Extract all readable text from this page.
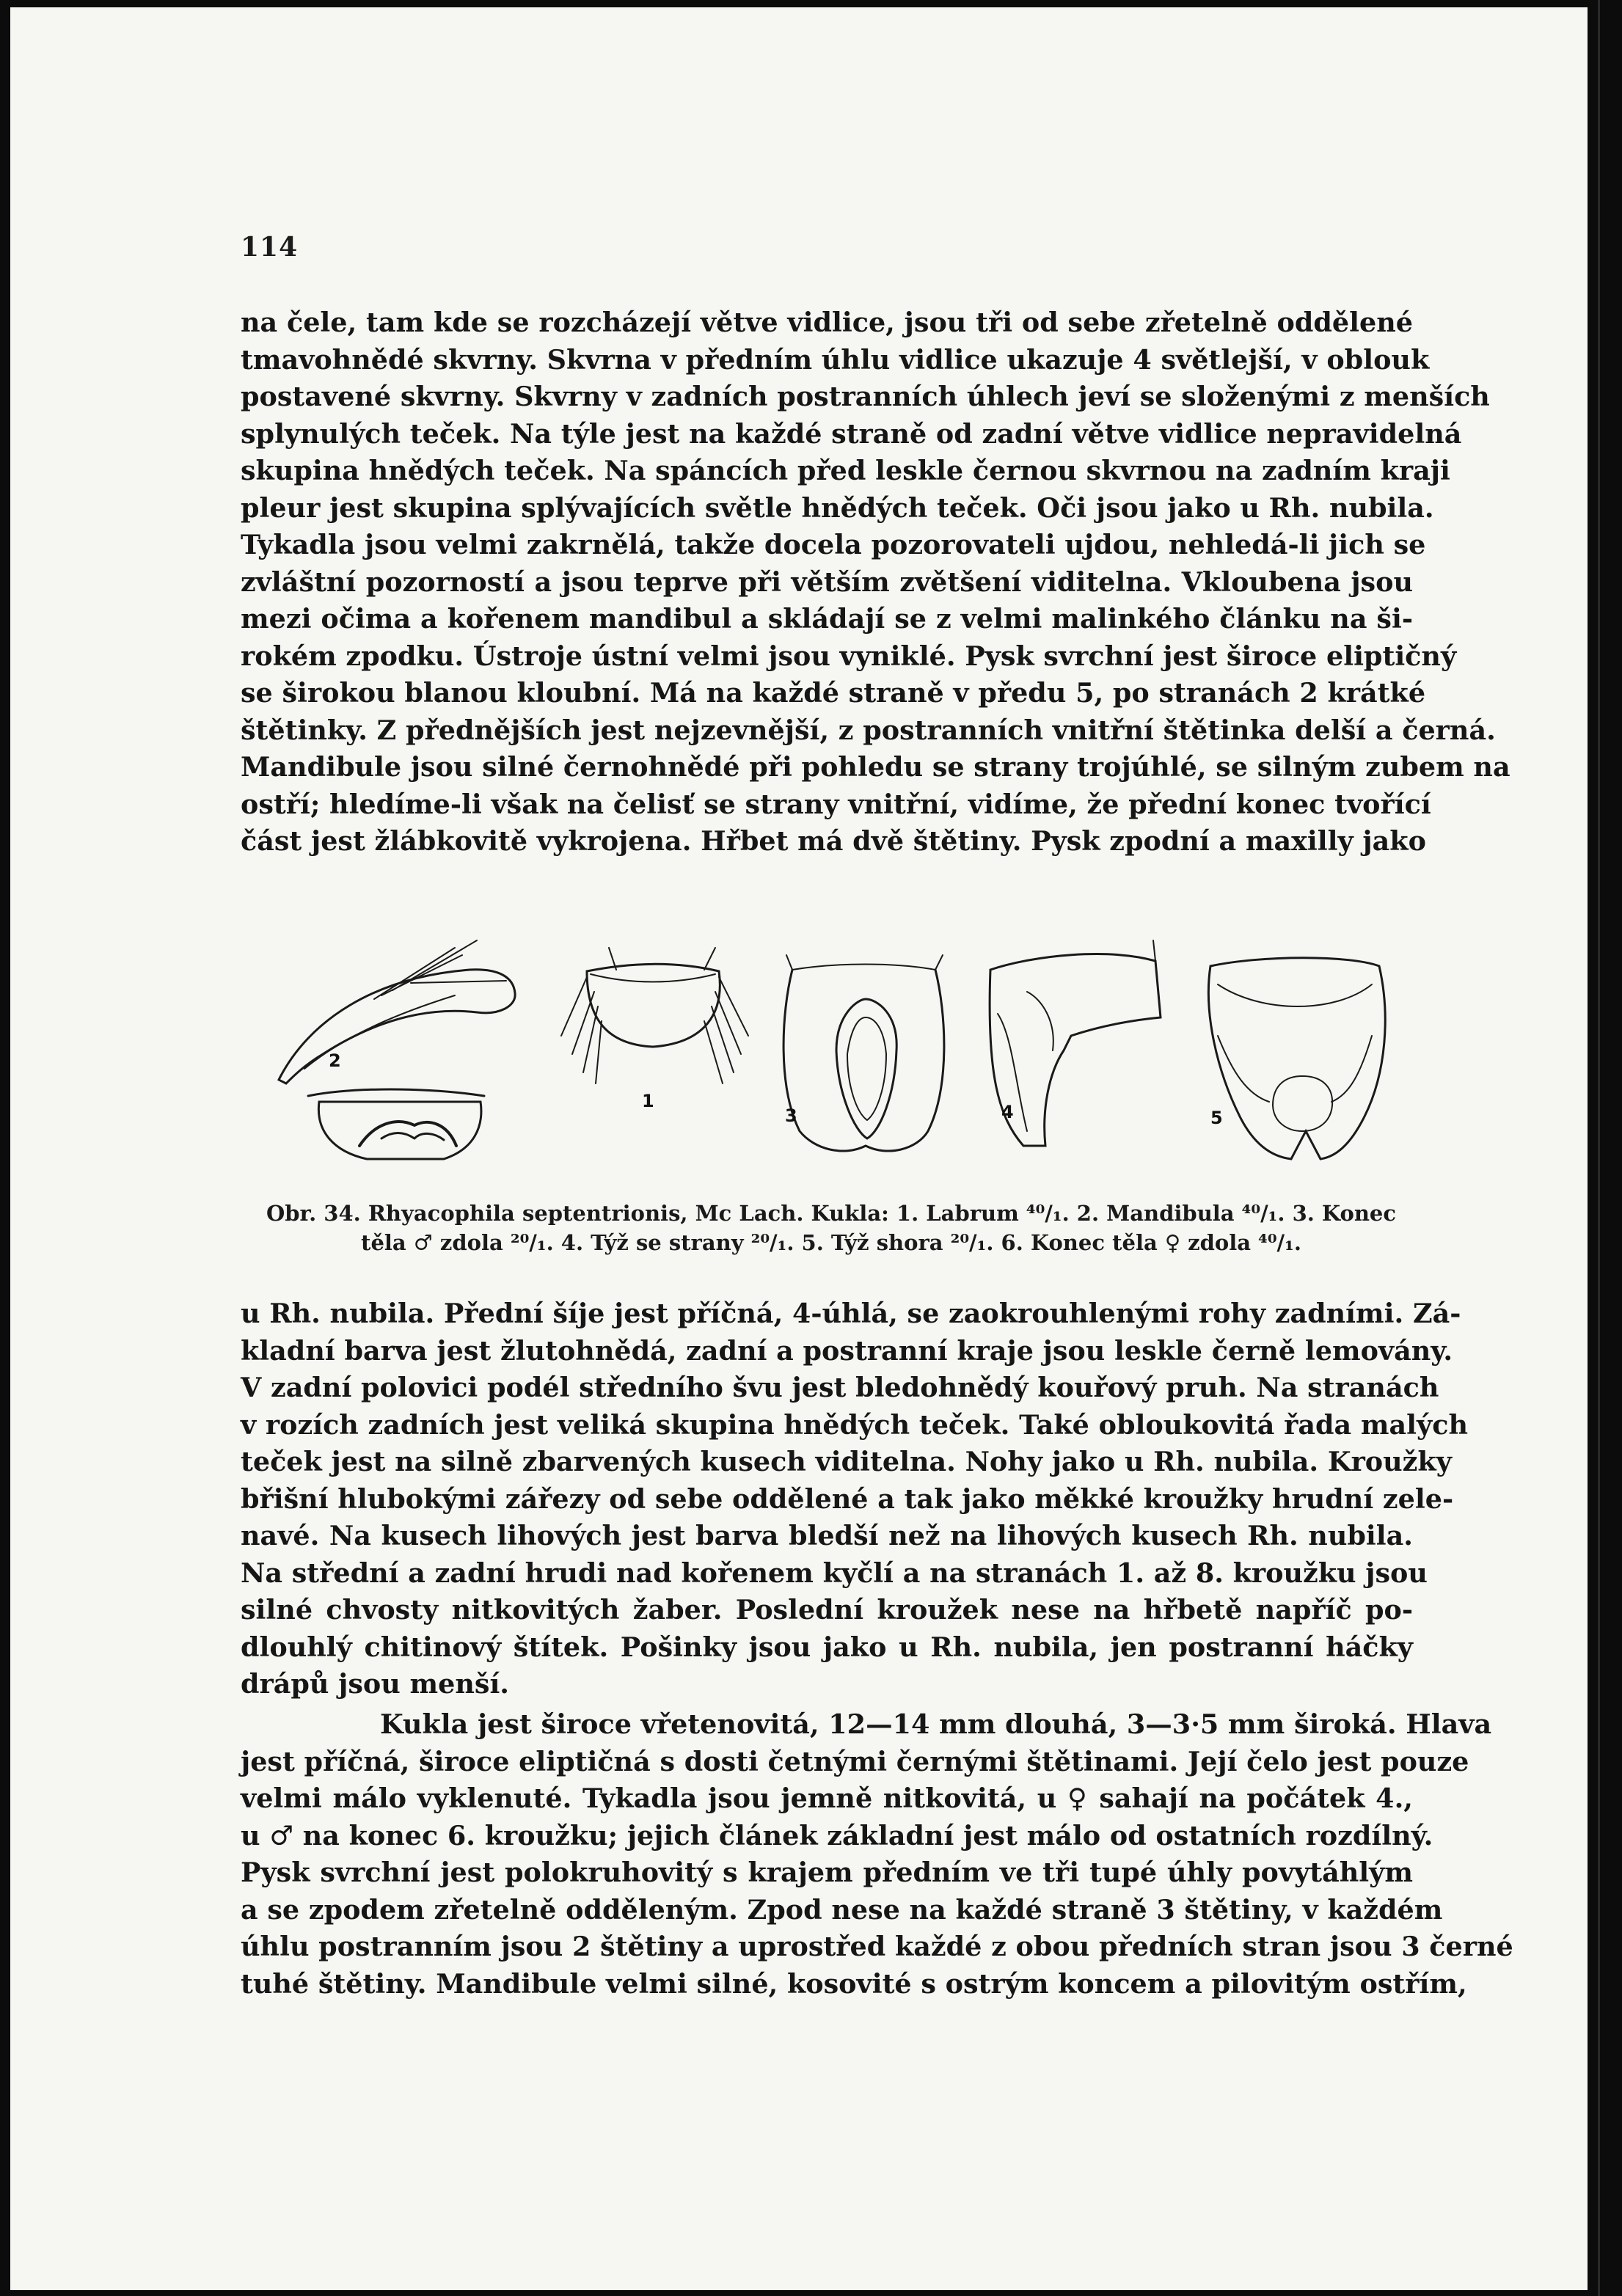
114
na čele, tam kde se rozcházejí větve vidlice, jsou tři od sebe zřetelně oddělené
tmavohnědé skvrny. Skvrna v předním úhlu vidlice ukazuje 4 světlejší, v oblouk
postavené skvrny. Skvrny v zadních postranních úhlech jeví se složenými z menších
splynulých teček. Na týle jest na každé straně od zadní větve vidlice nepravidelná
skupina hnědých teček. Na spáncích před leskle černou skvrnou na zadním kraji
pleur jest skupina splývajících světle hnědých teček. Oči jsou jako u Rh. nubila.
Tykadla jsou velmi zakrnělá, takže docela pozorovateli ujdou, nehledá-li jich se
zvláštní pozorností a jsou teprve při větším zvětšení viditelna. Vkloubena jsou
mezi očima a kořenem mandibul a skládají se z velmi malinkého článku na ši-
rokém zpodku. Ústroje ústní velmi jsou vyniklé. Pysk svrchní jest široce eliptičný
se širokou blanou kloubní. Má na každé straně v předu 5, po stranách 2 krátké
štětinky. Z přednějších jest nejzevnější, z postranních vnitřní štětinka delší a černá.
Mandibule jsou silné černohnědé při pohledu se strany trojúhlé, se silným zubem na
ostří; hledíme-li však na čelisť se strany vnitřní, vidíme, že přední konec tvořící
část jest žlábkovitě vykrojena. Hřbet má dvě štětiny. Pysk zpodní a maxilly jako
2
1
3	4	5
Obr. 34. Rhyacophila septentrionis, Mc Lach. Kukla: 1. Labrum ⁴⁰/₁. 2. Mandibula ⁴⁰/₁. 3. Konec
těla ♂ zdola ²⁰/₁. 4. Týž se strany ²⁰/₁. 5. Týž shora ²⁰/₁. 6. Konec těla ♀ zdola ⁴⁰/₁.
u Rh. nubila. Přední šíje jest příčná, 4-úhlá, se zaokrouhlenými rohy zadními. Zá-
kladní barva jest žlutohnědá, zadní a postranní kraje jsou leskle černě lemovány.
V zadní polovici podél středního švu jest bledohnědý kouřový pruh. Na stranách
v rozích zadních jest veliká skupina hnědých teček. Také obloukovitá řada malých
teček jest na silně zbarvených kusech viditelna. Nohy jako u Rh. nubila. Kroužky
břišní hlubokými zářezy od sebe oddělené a tak jako měkké kroužky hrudní zele-
navé. Na kusech lihových jest barva bledší než na lihových kusech Rh. nubila.
Na střední a zadní hrudi nad kořenem kyčlí a na stranách 1. až 8. kroužku jsou
silné chvosty nitkovitých žaber. Poslední kroužek nese na hřbetě napříč po-
dlouhlý chitinový štítek. Pošinky jsou jako u Rh. nubila, jen postranní háčky
drápů jsou menší.
Kukla jest široce vřetenovitá, 12—14 mm dlouhá, 3—3·5 mm široká. Hlava
jest příčná, široce eliptičná s dosti četnými černými štětinami. Její čelo jest pouze
velmi málo vyklenuté. Tykadla jsou jemně nitkovitá, u ♀ sahají na počátek 4.,
u ♂ na konec 6. kroužku; jejich článek základní jest málo od ostatních rozdílný.
Pysk svrchní jest polokruhovitý s krajem předním ve tři tupé úhly povytáhlým
a se zpodem zřetelně odděleným. Zpod nese na každé straně 3 štětiny, v každém
úhlu postranním jsou 2 štětiny a uprostřed každé z obou předních stran jsou 3 černé
tuhé štětiny. Mandibule velmi silné, kosovité s ostrým koncem a pilovitým ostřím,
